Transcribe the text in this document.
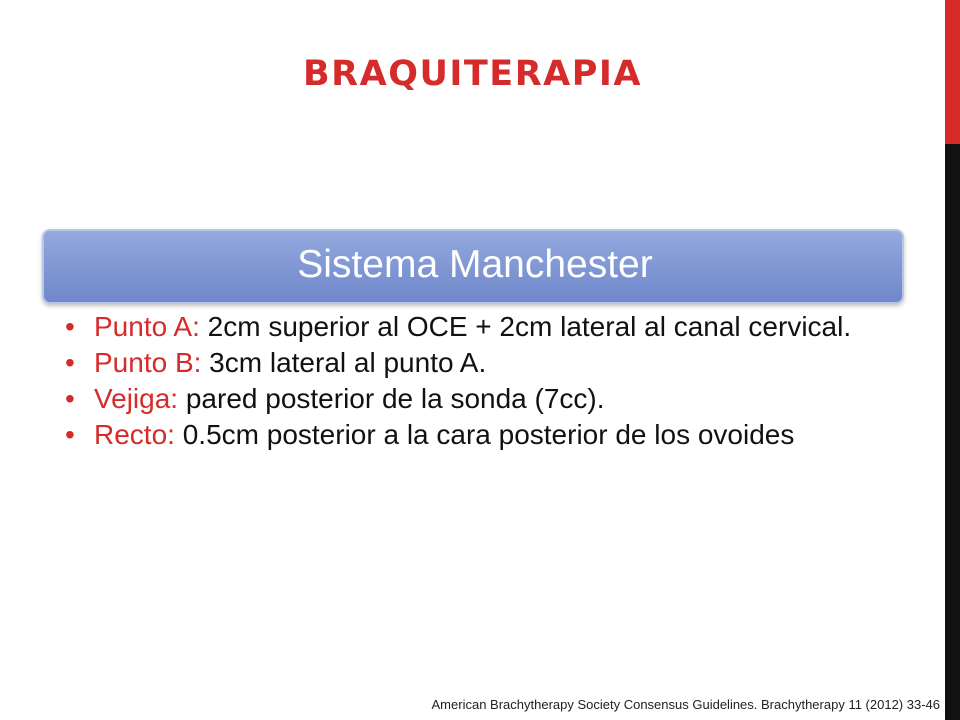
BRAQUITERAPIA
Sistema Manchester
• Punto A: 2cm superior al OCE + 2cm lateral al canal cervical.
• Punto B: 3cm lateral al punto A.
• Vejiga: pared posterior de la sonda (7cc).
• Recto: 0.5cm posterior a la cara posterior de los ovoides
American Brachytherapy Society Consensus Guidelines. Brachytherapy 11 (2012) 33-46
